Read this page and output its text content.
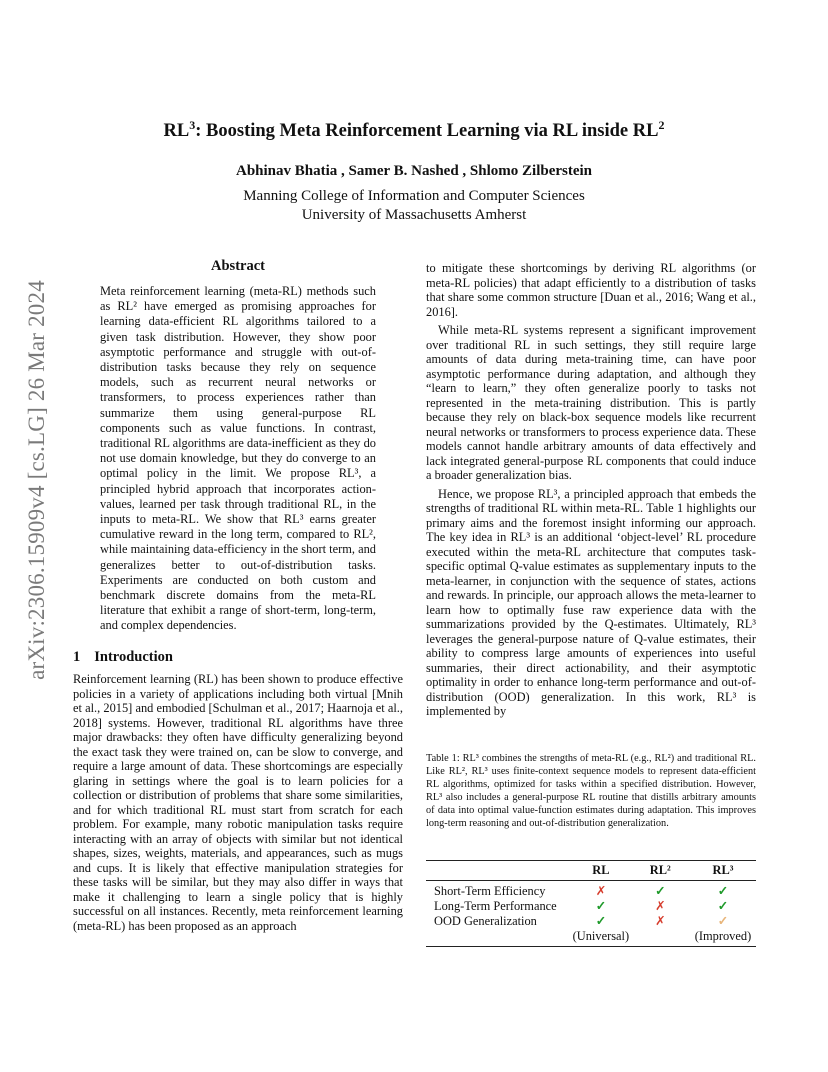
arXiv:2306.15909v4 [cs.LG] 26 Mar 2024
$RL^3$: Boosting Meta Reinforcement Learning via RL inside $RL^2$
Abhinav Bhatia , Samer B. Nashed , Shlomo Zilberstein
Manning College of Information and Computer Sciences
University of Massachusetts Amherst
Abstract
Meta reinforcement learning (meta-RL) methods such as RL² have emerged as promising approaches for learning data-efficient RL algorithms tailored to a given task distribution. However, they show poor asymptotic performance and struggle with out-of-distribution tasks because they rely on sequence models, such as recurrent neural networks or transformers, to process experiences rather than summarize them using general-purpose RL components such as value functions. In contrast, traditional RL algorithms are data-inefficient as they do not use domain knowledge, but they do converge to an optimal policy in the limit. We propose RL³, a principled hybrid approach that incorporates action-values, learned per task through traditional RL, in the inputs to meta-RL. We show that RL³ earns greater cumulative reward in the long term, compared to RL², while maintaining data-efficiency in the short term, and generalizes better to out-of-distribution tasks. Experiments are conducted on both custom and benchmark discrete domains from the meta-RL literature that exhibit a range of short-term, long-term, and complex dependencies.
1 Introduction
Reinforcement learning (RL) has been shown to produce effective policies in a variety of applications including both virtual [Mnih et al., 2015] and embodied [Schulman et al., 2017; Haarnoja et al., 2018] systems. However, traditional RL algorithms have three major drawbacks: they often have difficulty generalizing beyond the exact task they were trained on, can be slow to converge, and require a large amount of data. These shortcomings are especially glaring in settings where the goal is to learn policies for a collection or distribution of problems that share some similarities, and for which traditional RL must start from scratch for each problem. For example, many robotic manipulation tasks require interacting with an array of objects with similar but not identical shapes, sizes, weights, materials, and appearances, such as mugs and cups. It is likely that effective manipulation strategies for these tasks will be similar, but they may also differ in ways that make it challenging to learn a single policy that is highly successful on all instances. Recently, meta reinforcement learning (meta-RL) has been proposed as an approach

to mitigate these shortcomings by deriving RL algorithms (or meta-RL policies) that adapt efficiently to a distribution of tasks that share some common structure [Duan et al., 2016; Wang et al., 2016].

While meta-RL systems represent a significant improvement over traditional RL in such settings, they still require large amounts of data during meta-training time, can have poor asymptotic performance during adaptation, and although they “learn to learn,” they often generalize poorly to tasks not represented in the meta-training distribution. This is partly because they rely on black-box sequence models like recurrent neural networks or transformers to process experience data. These models cannot handle arbitrary amounts of data effectively and lack integrated general-purpose RL components that could induce a broader generalization bias.

Hence, we propose RL³, a principled approach that embeds the strengths of traditional RL within meta-RL. Table 1 highlights our primary aims and the foremost insight informing our approach. The key idea in RL³ is an additional ‘object-level’ RL procedure executed within the meta-RL architecture that computes task-specific optimal Q-value estimates as supplementary inputs to the meta-learner, in conjunction with the sequence of states, actions and rewards. In principle, our approach allows the meta-learner to learn how to optimally fuse raw experience data with the summarizations provided by the Q-estimates. Ultimately, RL³ leverages the general-purpose nature of Q-value estimates, their ability to compress large amounts of experiences into useful summaries, their direct actionability, and their asymptotic optimality in order to enhance long-term performance and out-of-distribution (OOD) generalization. In this work, RL³ is implemented by

Table 1: RL³ combines the strengths of meta-RL (e.g., RL²) and traditional RL. Like RL², RL³ uses finite-context sequence models to represent data-efficient RL algorithms, optimized for tasks within a specified distribution. However, RL³ also includes a general-purpose RL routine that distills arbitrary amounts of data into optimal value-function estimates during adaptation. This improves long-term reasoning and out-of-distribution generalization.
	RL	RL²	RL³
Short-Term Efficiency	✗	✓	✓
Long-Term Performance	✓	✗	✓
OOD Generalization	✓	✗	✓
	(Universal)		(Improved)
